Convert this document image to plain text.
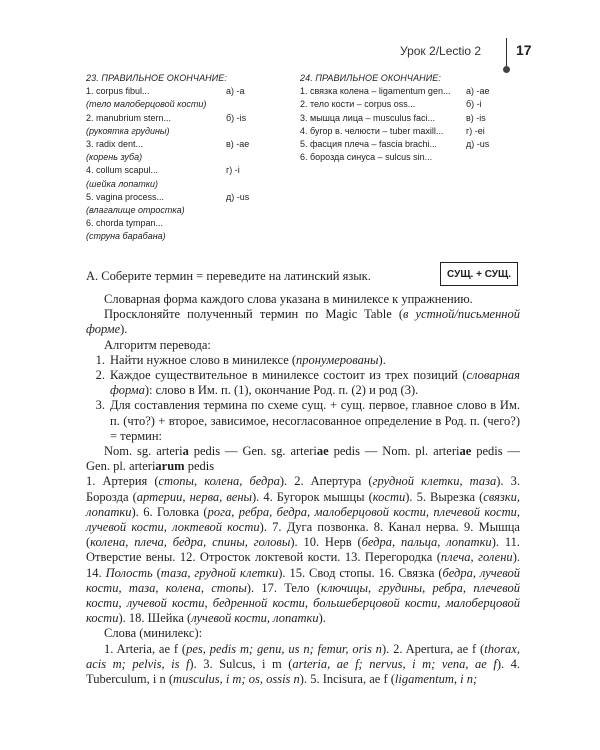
Урок 2/Lectio 2 17
23. ПРАВИЛЬНОЕ ОКОНЧАНИЕ:
1. corpus fibul...	а) -а
(тело малоберцовой кости)
2. manubrium stern...	б) -is
(рукоятка грудины)
3. radix dent...	в) -ae
(корень зуба)
4. collum scapul...	г) -i
(шейка лопатки)
5. vagina process...	д) -us
(влагалище отростка)
6. chorda tympan...
(струна барабана)
24. ПРАВИЛЬНОЕ ОКОНЧАНИЕ:
1. связка колена – ligamentum gen...	а) -ae
2. тело кости – corpus oss...	б) -i
3. мышца лица – musculus faci...	в) -is
4. бугор в. челюсти – tuber maxill...	г) -ei
5. фасция плеча – fascia brachi...	д) -us
6. борозда синуса – sulcus sin...
А. Соберите термин = переведите на латинский язык.	СУЩ. + СУЩ.

Словарная форма каждого слова указана в минилексе к упражнению.

Просклоняйте полученный термин по Magic Table (в устной/письменной форме).

Алгоритм перевода:

1. Найти нужное слово в минилексе (пронумерованы).
2. Каждое существительное в минилексе состоит из трех позиций (словарная форма): слово в Им. п. (1), окончание Род. п. (2) и род (3).
3. Для составления термина по схеме сущ. + сущ. первое, главное слово в Им. п. (что?) + второе, зависимое, несогласованное определение в Род. п. (чего?) = термин:

Nom. sg. arteria pedis — Gen. sg. arteriae pedis — Nom. pl. arteriae pedis — Gen. pl. arteriarum pedis

1. Артерия (стопы, колена, бедра). 2. Апертура (грудной клетки, таза). 3. Борозда (артерии, нерва, вены). 4. Бугорок мышцы (кости). 5. Вырезка (связки, лопатки). 6. Головка (рога, ребра, бедра, малоберцовой кости, плечевой кости, лучевой кости, локтевой кости). 7. Дуга позвонка. 8. Канал нерва. 9. Мышца (колена, плеча, бедра, спины, головы). 10. Нерв (бедра, пальца, лопатки). 11. Отверстие вены. 12. Отросток локтевой кости. 13. Перегородка (плеча, голени). 14. Полость (таза, грудной клетки). 15. Свод стопы. 16. Связка (бедра, лучевой кости, таза, колена, стопы). 17. Тело (ключицы, грудины, ребра, плечевой кости, лучевой кости, бедренной кости, большеберцовой кости, малоберцовой кости). 18. Шейка (лучевой кости, лопатки).

Слова (минилекс):

1. Arteria, ae f (pes, pedis m; genu, us n; femur, oris n). 2. Apertura, ae f (thorax, acis m; pelvis, is f). 3. Sulcus, i m (arteria, ae f; nervus, i m; vena, ae f). 4. Tuberculum, i n (musculus, i m; os, ossis n). 5. Incisura, ae f (ligamentum, i n;
